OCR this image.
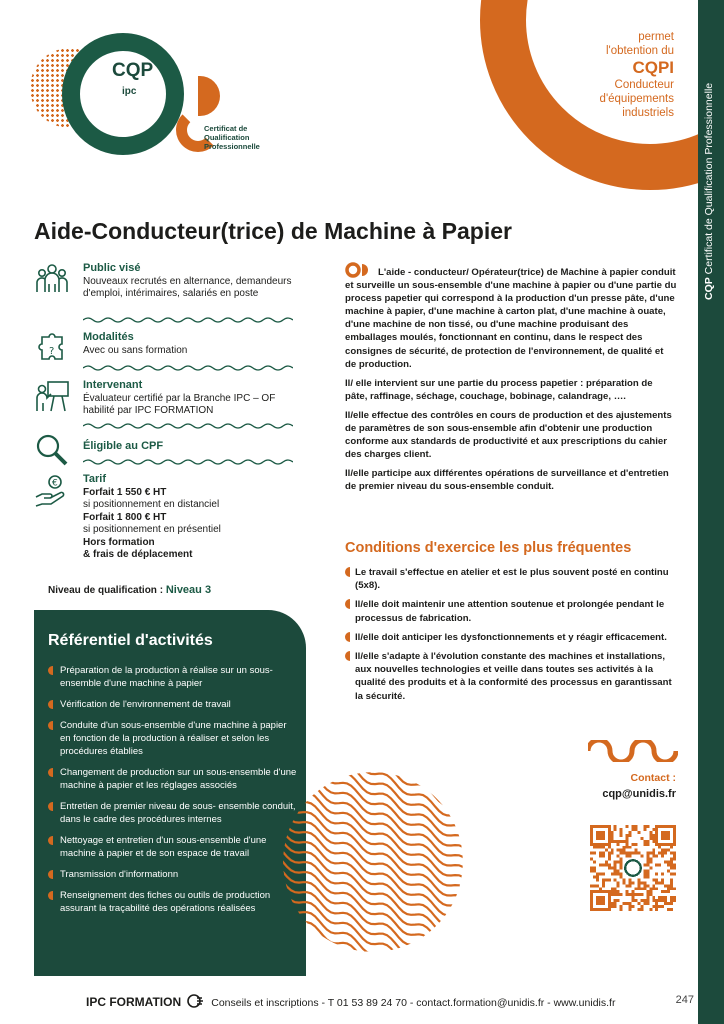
CQP Certificat de Qualification Professionnelle
permet
l'obtention du
CQPI
Conducteur
d'équipements
industriels
CQP
ipc
Certificat de
Qualification
Professionnelle
Aide-Conducteur(trice) de Machine à Papier
Public visé
Nouveaux recrutés en alternance, demandeurs d'emploi, intérimaires, salariés en poste
?
Modalités
Avec ou sans formation
Intervenant
Évaluateur certifié par la Branche IPC – OF habilité par IPC FORMATION
Éligible au CPF
€ Tarif
Forfait 1 550 € HT
si positionnement en distanciel
Forfait 1 800 € HT
si positionnement en présentiel
Hors formation
& frais de déplacement
Niveau de qualification : Niveau 3
Référentiel d'activités
Préparation de la production à réalise sur un sous-ensemble d'une machine à papier
Vérification de l'environnement de travail
Conduite d'un sous-ensemble d'une machine à papier en fonction de la production à réaliser et selon les procédures établies
Changement de production sur un sous-ensemble d'une machine à papier et les réglages associés
Entretien de premier niveau de sous- ensemble conduit, dans le cadre des procédures internes
Nettoyage et entretien d'un sous-ensemble d'une machine à papier et de son espace de travail
Transmission d'informationn
Renseignement des fiches ou outils de production assurant la traçabilité des opérations réalisées

L'aide - conducteur/ Opérateur(trice) de Machine à papier conduit et surveille un sous-ensemble d'une machine à papier ou d'une partie du process papetier qui correspond à la production d'un presse pâte, d'une machine à papier, d'une machine à carton plat, d'une machine à ouate, d'une machine de non tissé, ou d'une machine produisant des emballages moulés, fonctionnant en continu, dans le respect des consignes de sécurité, de protection de l'environnement, de qualité et de production.

Il/ elle intervient sur une partie du process papetier : préparation de pâte, raffinage, séchage, couchage, bobinage, calandrage, ….

Il/elle effectue des contrôles en cours de production et des ajustements de paramètres de son sous-ensemble afin d'obtenir une production conforme aux standards de productivité et aux prescriptions du cahier des charges client.

Il/elle participe aux différentes opérations de surveillance et d'entretien de premier niveau du sous-ensemble conduit.

Conditions d'exercice les plus fréquentes
Le travail s'effectue en atelier et est le plus souvent posté en continu (5x8).
Il/elle doit maintenir une attention soutenue et prolongée pendant le processus de fabrication.
Il/elle doit anticiper les dysfonctionnements et y réagir efficacement.
Il/elle s'adapte à l'évolution constante des machines et installations, aux nouvelles technologies et veille dans toutes ses activités à la qualité des produits et à la conformité des processus en garantissant la sécurité.
Contact :
cqp@unidis.fr
IPC FORMATION	Conseils et inscriptions - T 01 53 89 24 70 - contact.formation@unidis.fr - www.unidis.fr	247
